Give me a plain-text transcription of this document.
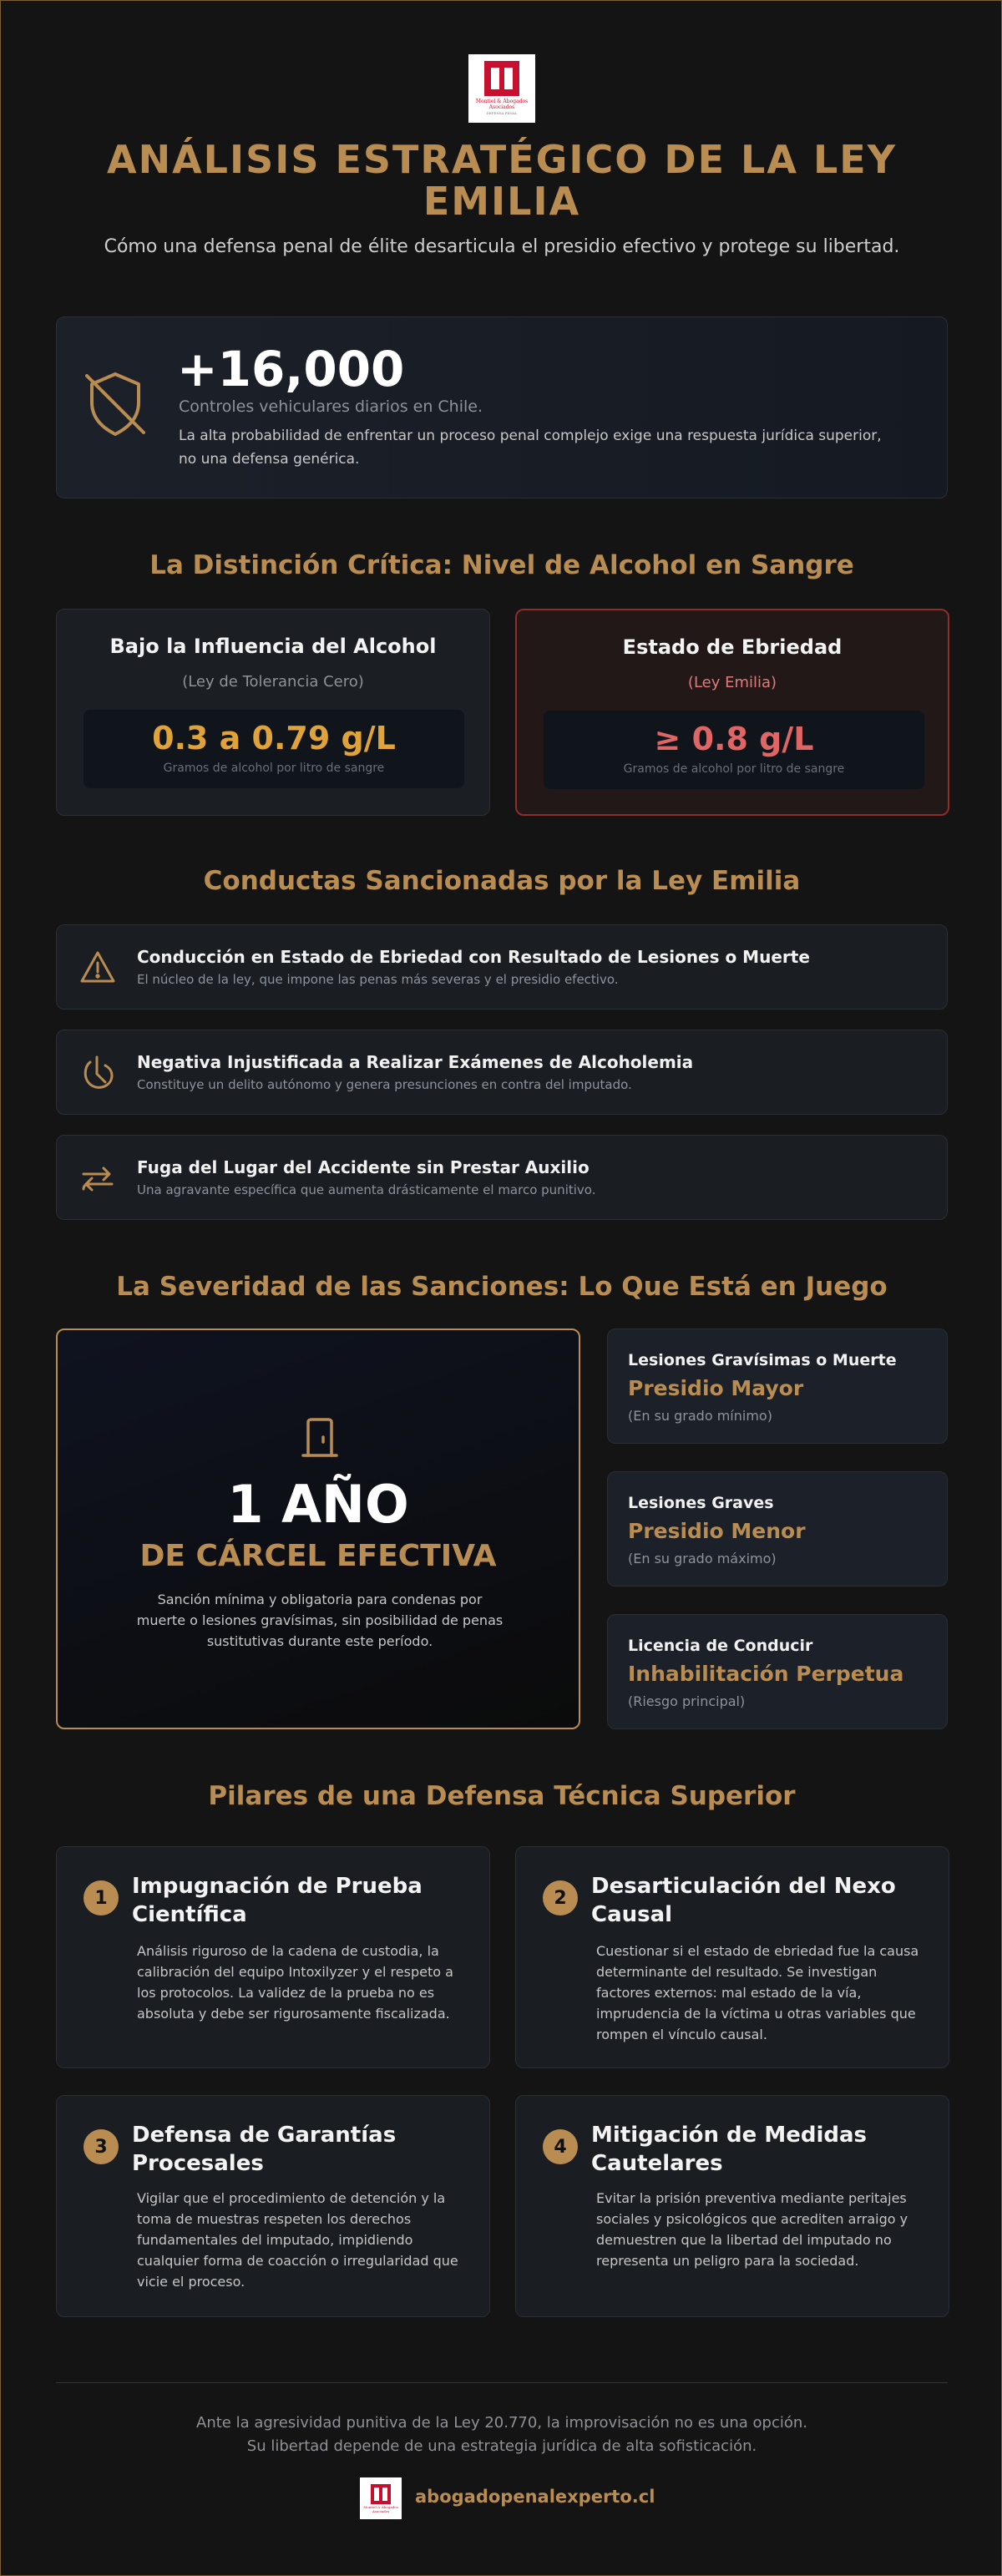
Montiel & Abogados
Asociados
DEFENSA PENAL
ANÁLISIS ESTRATÉGICO DE LA LEY EMILIA
Cómo una defensa penal de élite desarticula el presidio efectivo y protege su libertad.
+16,000
Controles vehiculares diarios en Chile.
La alta probabilidad de enfrentar un proceso penal complejo exige una respuesta jurídica superior, no una defensa genérica.
La Distinción Crítica: Nivel de Alcohol en Sangre
Bajo la Influencia del Alcohol
(Ley de Tolerancia Cero)
0.3 a 0.79 g/L
Gramos de alcohol por litro de sangre
Estado de Ebriedad
(Ley Emilia)
≥ 0.8 g/L
Gramos de alcohol por litro de sangre
Conductas Sancionadas por la Ley Emilia
Conducción en Estado de Ebriedad con Resultado de Lesiones o Muerte
El núcleo de la ley, que impone las penas más severas y el presidio efectivo.
Negativa Injustificada a Realizar Exámenes de Alcoholemia
Constituye un delito autónomo y genera presunciones en contra del imputado.
Fuga del Lugar del Accidente sin Prestar Auxilio
Una agravante específica que aumenta drásticamente el marco punitivo.
La Severidad de las Sanciones: Lo Que Está en Juego
1 AÑO
DE CÁRCEL EFECTIVA
Sanción mínima y obligatoria para condenas por muerte o lesiones gravísimas, sin posibilidad de penas sustitutivas durante este período.
Lesiones Gravísimas o Muerte
Presidio Mayor
(En su grado mínimo)
Lesiones Graves
Presidio Menor
(En su grado máximo)
Licencia de Conducir
Inhabilitación Perpetua
(Riesgo principal)
Pilares de una Defensa Técnica Superior
1	Impugnación de Prueba Científica
Análisis riguroso de la cadena de custodia, la calibración del equipo Intoxilyzer y el respeto a los protocolos. La validez de la prueba no es absoluta y debe ser rigurosamente fiscalizada.
2	Desarticulación del Nexo Causal
Cuestionar si el estado de ebriedad fue la causa determinante del resultado. Se investigan factores externos: mal estado de la vía, imprudencia de la víctima u otras variables que rompen el vínculo causal.
3	Defensa de Garantías Procesales
Vigilar que el procedimiento de detención y la toma de muestras respeten los derechos fundamentales del imputado, impidiendo cualquier forma de coacción o irregularidad que vicie el proceso.
4	Mitigación de Medidas Cautelares
Evitar la prisión preventiva mediante peritajes sociales y psicológicos que acrediten arraigo y demuestren que la libertad del imputado no representa un peligro para la sociedad.
Ante la agresividad punitiva de la Ley 20.770, la improvisación no es una opción.
Su libertad depende de una estrategia jurídica de alta sofisticación.
Montiel & Abogados
Asociados
abogadopenalexperto.cl
